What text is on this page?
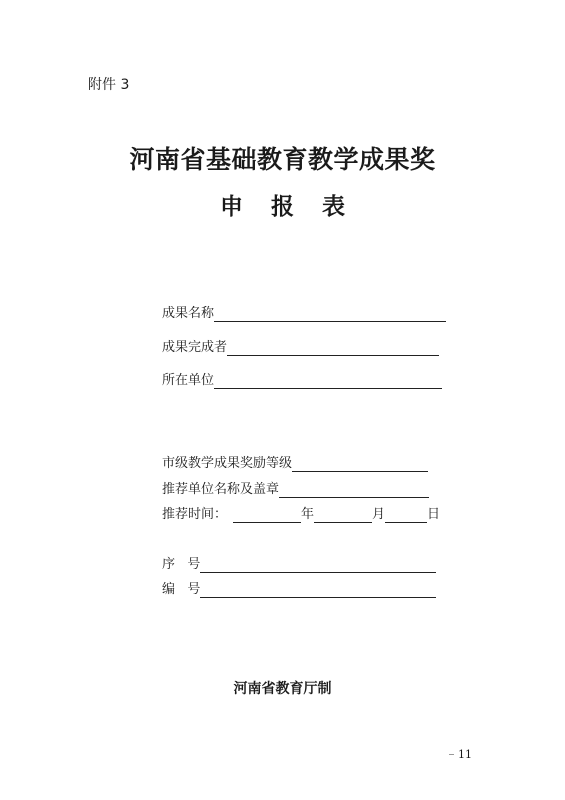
附件 3
河南省基础教育教学成果奖
申 报 表
成果名称
成果完成者
所在单位
市级教学成果奖励等级
推荐单位名称及盖章
推荐时间：	年	月	日
序   号
编   号
河南省教育厅制
11
